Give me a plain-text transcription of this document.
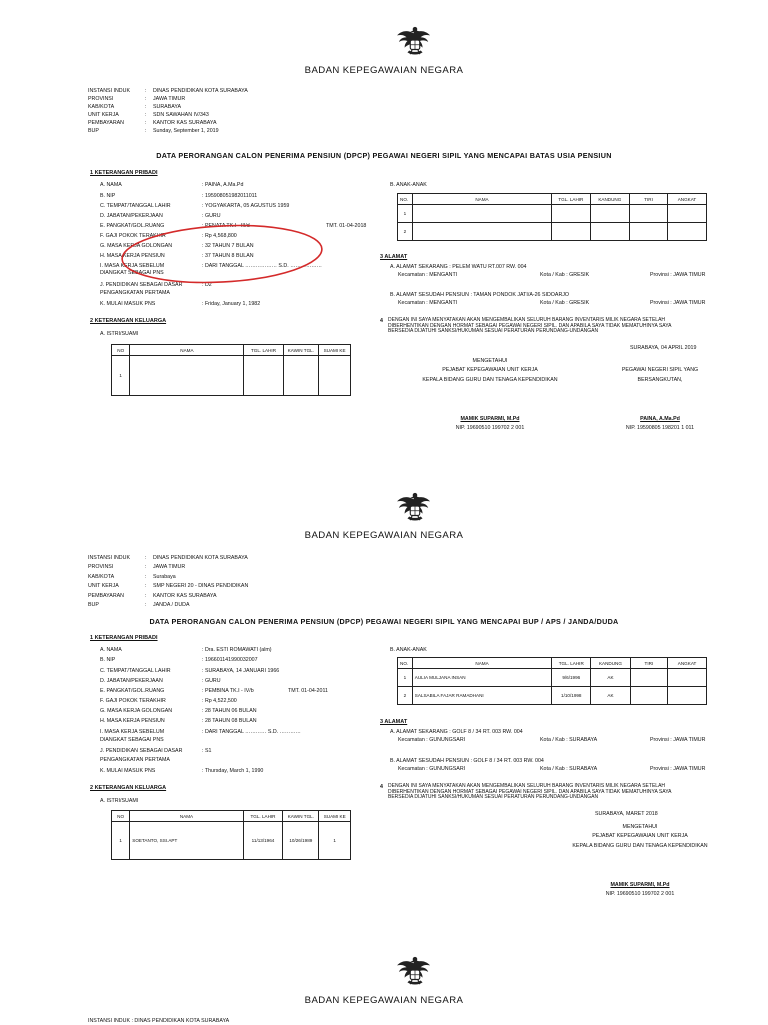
BADAN KEPEGAWAIAN NEGARA
INSTANSI INDUK	: DINAS PENDIDIKAN KOTA SURABAYA
PROVINSI	: JAWA TIMUR
KAB/KOTA	: SURABAYA
UNIT KERJA	: SDN SAWAHAN IV/343
PEMBAYARAN	: KANTOR KAS SURABAYA
BUP	: Sunday, September 1, 2019
DATA PERORANGAN CALON PENERIMA PENSIUN (DPCP) PEGAWAI NEGERI SIPIL YANG MENCAPAI BATAS USIA PENSIUN
1 KETERANGAN PRIBADI
A. NAMA	: PAINA, A.Ma.Pd
B. NIP	: 195908051982011011
C. TEMPAT/TANGGAL LAHIR	: YOGYAKARTA, 05 AGUSTUS 1959
D. JABATAN/PEKERJAAN	: GURU
E. PANGKAT/GOL.RUANG	: PENATA TK.I - III/d	TMT. 01-04-2018
F. GAJI POKOK TERAKHIR	: Rp 4,568,800
G. MASA KERJA GOLONGAN	: 32 TAHUN 7 BULAN
H. MASA KERJA PENSIUN	: 37 TAHUN 8 BULAN
I. MASA KERJA SEBELUM	: DARI TANGGAL ……………… S.D. ………………
DIANGKAT SEBAGAI PNS
J. PENDIDIKAN SEBAGAI DASAR	: D2
PENGANGKATAN PERTAMA
K. MULAI MASUK PNS	: Friday, January 1, 1982
2 KETERANGAN KELUARGA
A. ISTRI/SUAMI
NO	NAMA	TGL. LAHIR	KAWIN TGL.	SUAMI KE
1				
B. ANAK-ANAK
NO.	NAMA	TGL. LAHIR	KANDUNG	TIRI	ANGKAT
1					
2					
3 ALAMAT
A. ALAMAT SEKARANG : PELEM WATU RT.007 RW. 004
Kecamatan : MENGANTI	Kota / Kab : GRESIK	Provinsi : JAWA TIMUR
B. ALAMAT SESUDAH PENSIUN : TAMAN PONDOK JATI/A-26 SIDOARJO
Kecamatan : MENGANTI	Kota / Kab : GRESIK	Provinsi : JAWA TIMUR
4 DENGAN INI SAYA MENYATAKAN AKAN MENGEMBALIKAN SELURUH BARANG INVENTARIS MILIK NEGARA SETELAH
DIBERHENTIKAN DENGAN HORMAT SEBAGAI PEGAWAI NEGERI SIPIL. DAN APABILA SAYA TIDAK MEMATUHINYA SAYA
BERSEDIA DIJATUHI SANKSI/HUKUMAN SESUAI PERATURAN PERUNDANG-UNDANGAN
SURABAYA, 04 APRIL 2019
MENGETAHUI
PEJABAT KEPEGAWAIAN UNIT KERJA
KEPALA BIDANG GURU DAN TENAGA KEPENDIDIKAN
PEGAWAI NEGERI SIPIL YANG
BERSANGKUTAN,
MAMIK SUPARMI, M.Pd
NIP. 19690510 199702 2 001
PAINA, A.Ma.Pd
NIP. 19590805 198201 1 011
BADAN KEPEGAWAIAN NEGARA
INSTANSI INDUK	: DINAS PENDIDIKAN KOTA SURABAYA
PROVINSI	: JAWA TIMUR
KAB/KOTA	: Surabaya
UNIT KERJA	: SMP NEGERI 20 - DINAS PENDIDIKAN
PEMBAYARAN	: KANTOR KAS SURABAYA
BUP	: JANDA / DUDA
DATA PERORANGAN CALON PENERIMA PENSIUN (DPCP) PEGAWAI NEGERI SIPIL YANG MENCAPAI BUP / APS / JANDA/DUDA
1 KETERANGAN PRIBADI
A. NAMA	: Dra. ESTI ROMAWATI (alm)
B. NIP	: 196601141990032007
C. TEMPAT/TANGGAL LAHIR	: SURABAYA, 14 JANUARI 1966
D. JABATAN/PEKERJAAN	: GURU
E. PANGKAT/GOL.RUANG	: PEMBINA TK.I - IV/b	TMT. 01-04-2011
F. GAJI POKOK TERAKHIR	: Rp 4,522,500
G. MASA KERJA GOLONGAN	: 28 TAHUN 06 BULAN
H. MASA KERJA PENSIUN	: 28 TAHUN 08 BULAN
I. MASA KERJA SEBELUM	: DARI TANGGAL ………… S.D. …………
DIANGKAT SEBAGAI PNS
J. PENDIDIKAN SEBAGAI DASAR	: S1
PENGANGKATAN PERTAMA
K. MULAI MASUK PNS	: Thursday, March 1, 1990
2 KETERANGAN KELUARGA
A. ISTRI/SUAMI
NO	NAMA	TGL. LAHIR	KAWIN TGL.	SUAMI KE
1	SOETANTO, SSI.APT	11/13/1964	10/26/1989	1
B. ANAK-ANAK
NO.	NAMA	TGL. LAHIR	KANDUNG	TIRI	ANGKAT
1	AULIA MULJANA INSAN	9/6/1996	AK		
2	SALSABILA FAJAR RAMADHANI	1/10/1998	AK		
3 ALAMAT
A. ALAMAT SEKARANG : GOLF 8 / 34 RT. 003 RW. 004
Kecamatan : GUNUNGSARI	Kota / Kab : SURABAYA	Provinsi : JAWA TIMUR
B. ALAMAT SESUDAH PENSIUN : GOLF 8 / 34 RT. 003 RW. 004
Kecamatan : GUNUNGSARI	Kota / Kab : SURABAYA	Provinsi : JAWA TIMUR
4 DENGAN INI SAYA MENYATAKAN AKAN MENGEMBALIKAN SELURUH BARANG INVENTARIS MILIK NEGARA SETELAH
DIBERHENTIKAN DENGAN HORMAT SEBAGAI PEGAWAI NEGERI SIPIL. DAN APABILA SAYA TIDAK MEMATUHINYA SAYA
BERSEDIA DIJATUHI SANKSI/HUKUMAN SESUAI PERATURAN PERUNDANG-UNDANGAN
SURABAYA, MARET 2018
MENGETAHUI
PEJABAT KEPEGAWAIAN UNIT KERJA
KEPALA BIDANG GURU DAN TENAGA KEPENDIDIKAN
MAMIK SUPARMI, M.Pd
NIP. 19690510 199702 2 001
BADAN KEPEGAWAIAN NEGARA
INSTANSI INDUK : DINAS PENDIDIKAN KOTA SURABAYA
